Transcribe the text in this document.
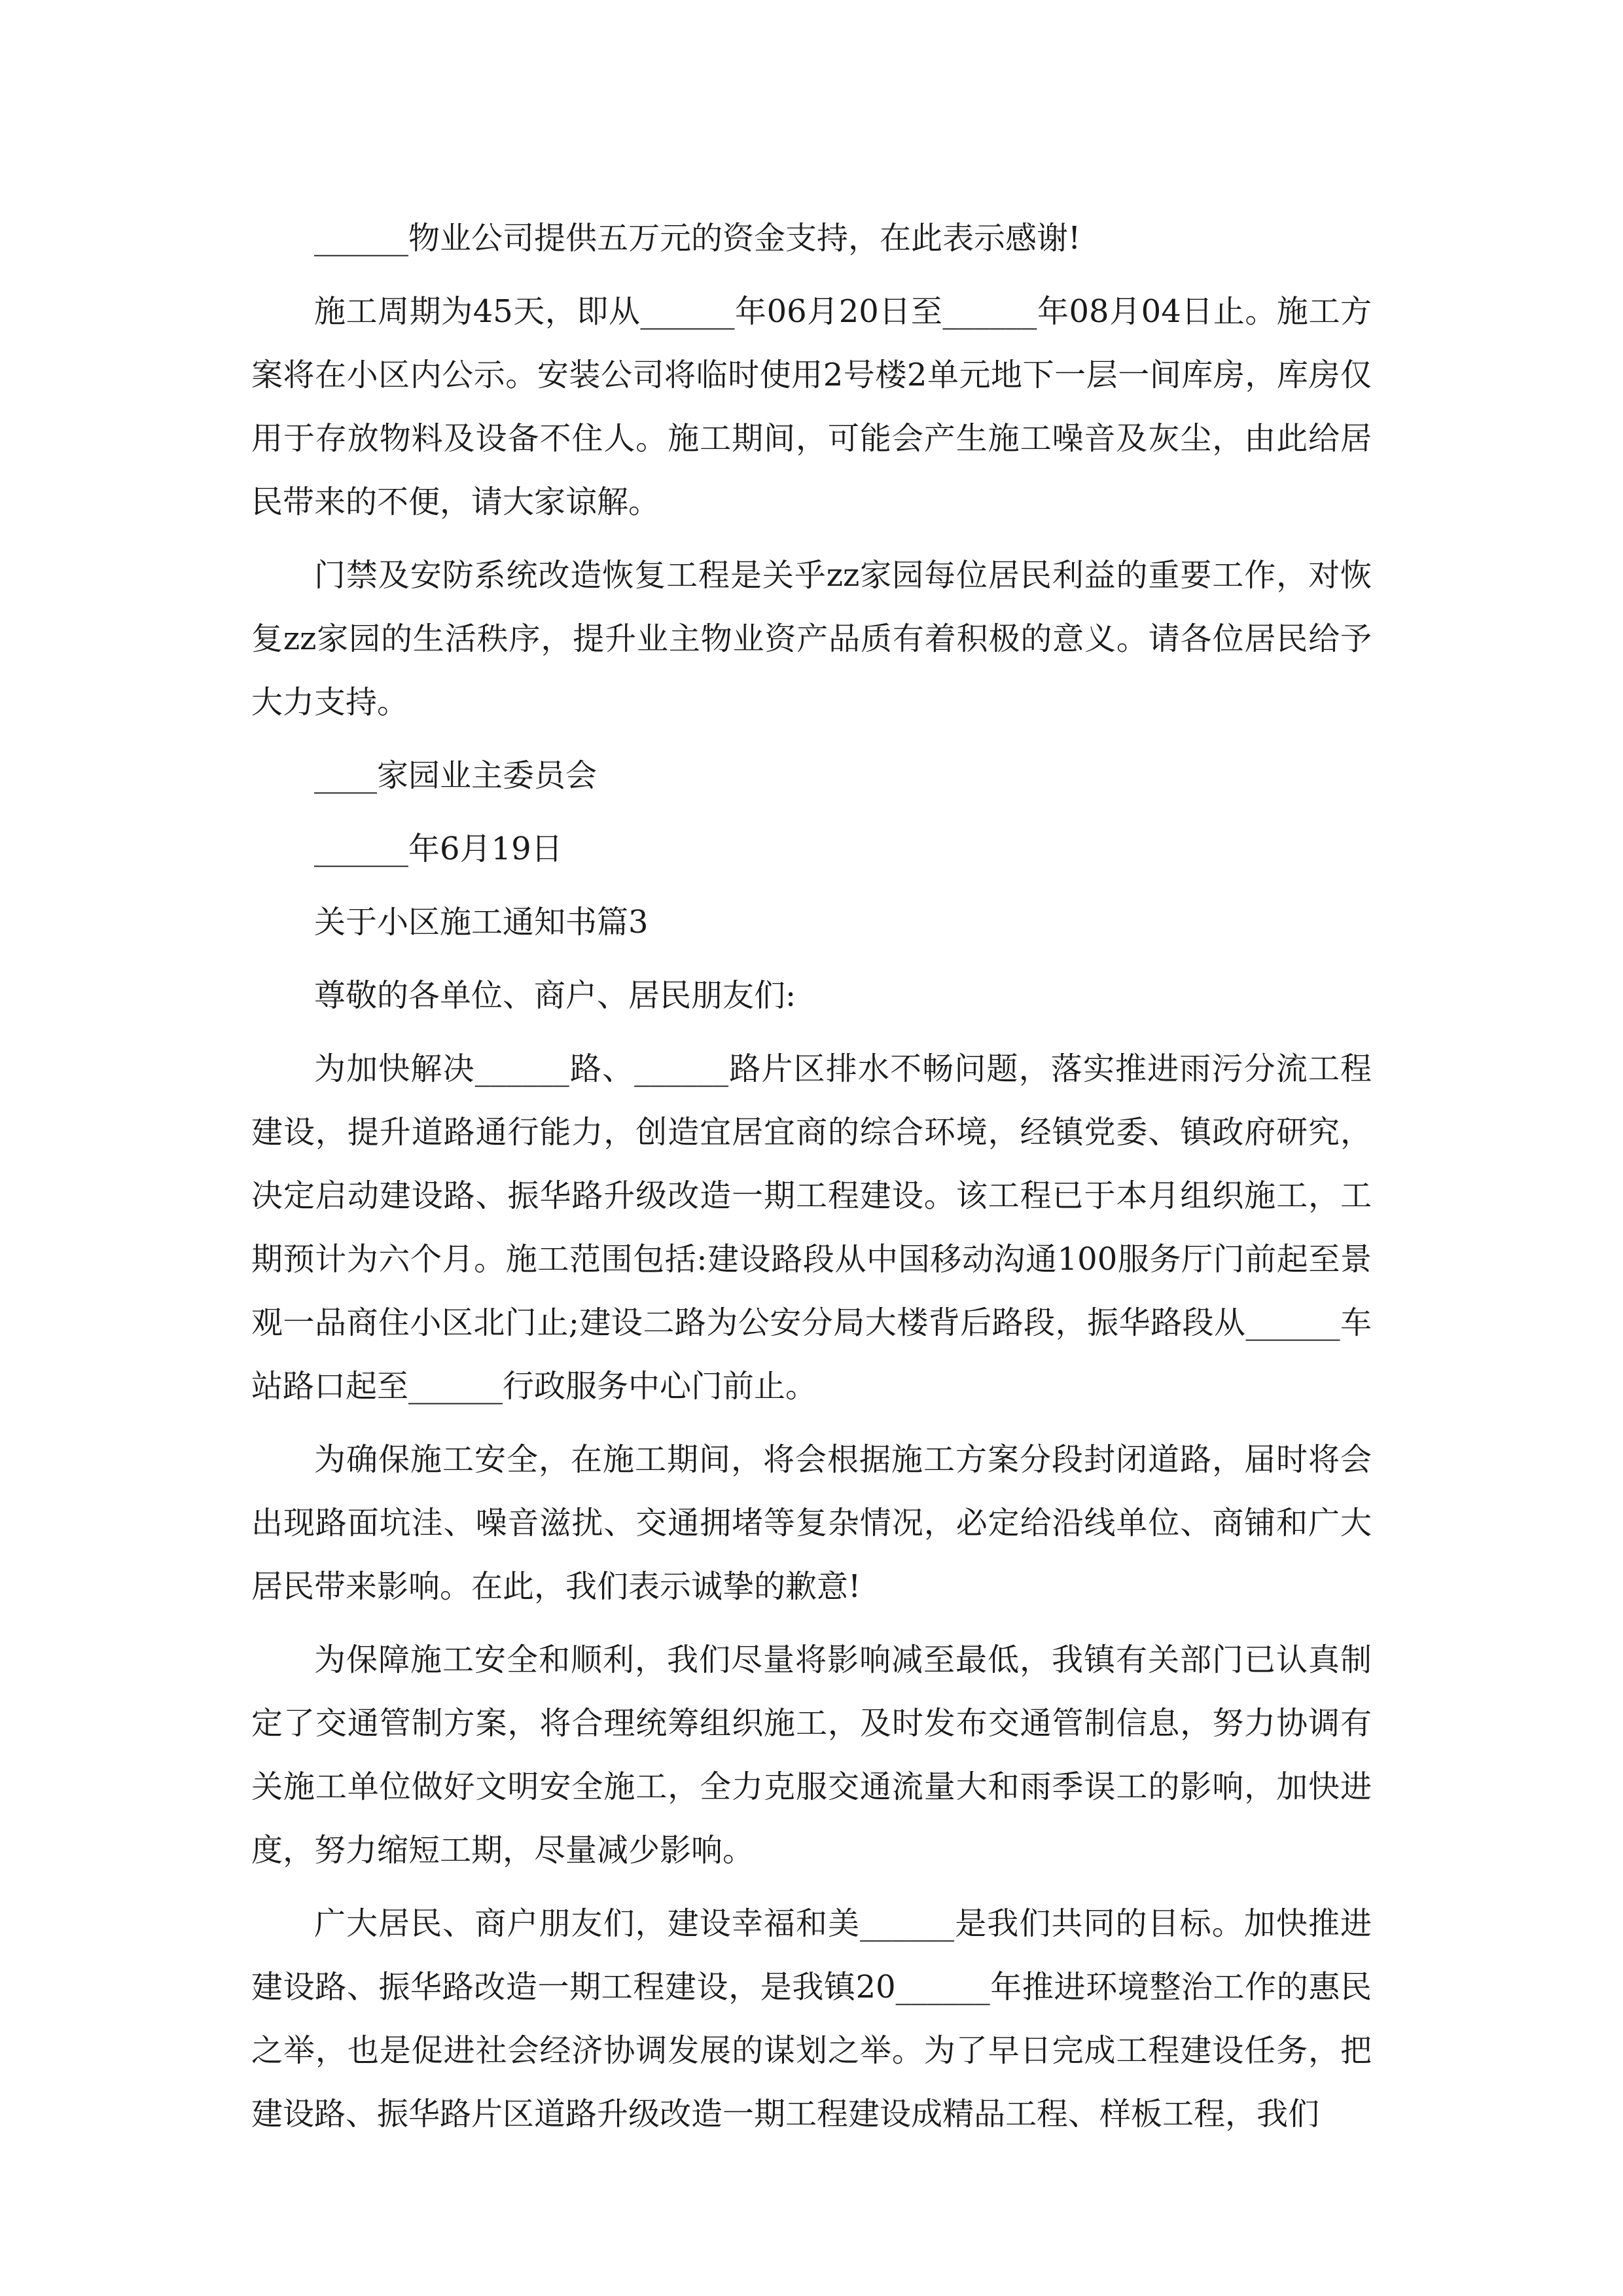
______物业公司提供五万元的资金支持，在此表示感谢!

施工周期为45天，即从______年06月20日至______年08月04日止。施工方案将在小区内公示。安装公司将临时使用2号楼2单元地下一层一间库房，库房仅用于存放物料及设备不住人。施工期间，可能会产生施工噪音及灰尘，由此给居民带来的不便，请大家谅解。

门禁及安防系统改造恢复工程是关乎zz家园每位居民利益的重要工作，对恢复zz家园的生活秩序，提升业主物业资产品质有着积极的意义。请各位居民给予大力支持。

____家园业主委员会

______年6月19日

关于小区施工通知书篇3

尊敬的各单位、商户、居民朋友们:

为加快解决______路、______路片区排水不畅问题，落实推进雨污分流工程建设，提升道路通行能力，创造宜居宜商的综合环境，经镇党委、镇政府研究，决定启动建设路、振华路升级改造一期工程建设。该工程已于本月组织施工，工期预计为六个月。施工范围包括:建设路段从中国移动沟通100服务厅门前起至景观一品商住小区北门止;建设二路为公安分局大楼背后路段，振华路段从______车站路口起至______行政服务中心门前止。

为确保施工安全，在施工期间，将会根据施工方案分段封闭道路，届时将会出现路面坑洼、噪音滋扰、交通拥堵等复杂情况，必定给沿线单位、商铺和广大居民带来影响。在此，我们表示诚挚的歉意!

为保障施工安全和顺利，我们尽量将影响减至最低，我镇有关部门已认真制定了交通管制方案，将合理统筹组织施工，及时发布交通管制信息，努力协调有关施工单位做好文明安全施工，全力克服交通流量大和雨季误工的影响，加快进度，努力缩短工期，尽量减少影响。

广大居民、商户朋友们，建设幸福和美______是我们共同的目标。加快推进建设路、振华路改造一期工程建设，是我镇20______年推进环境整治工作的惠民之举，也是促进社会经济协调发展的谋划之举。为了早日完成工程建设任务，把建设路、振华路片区道路升级改造一期工程建设成精品工程、样板工程，我们
